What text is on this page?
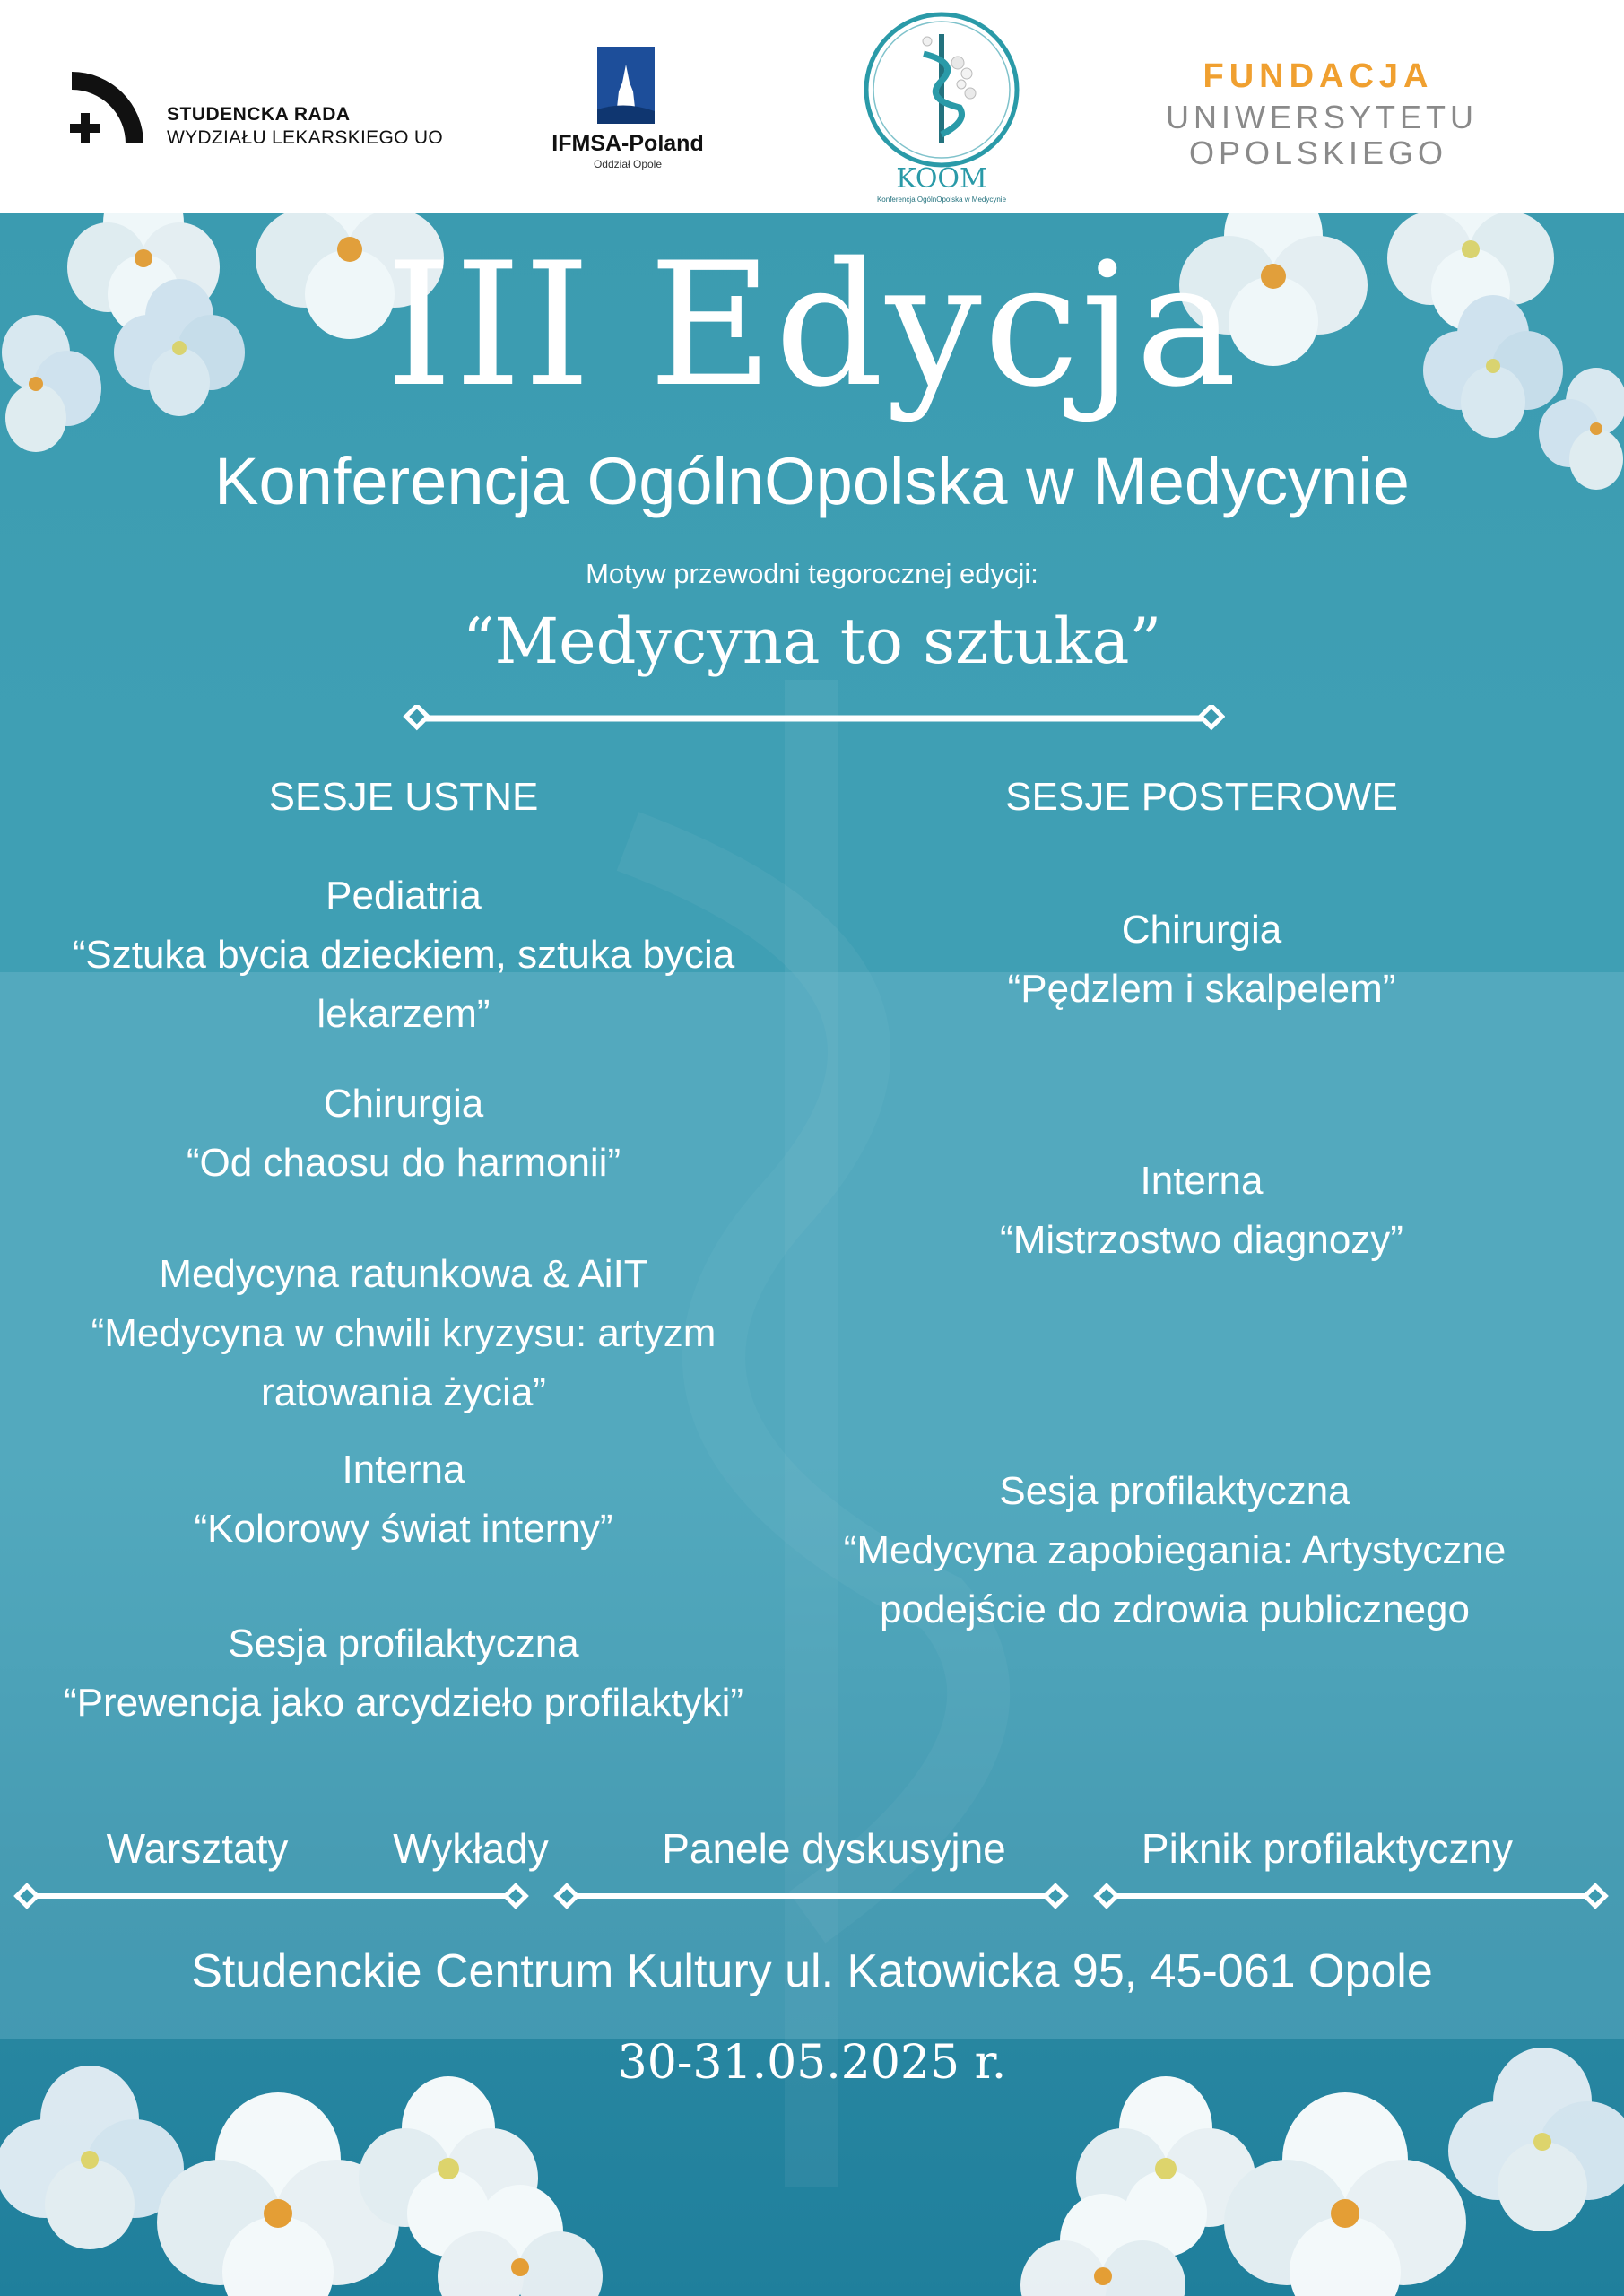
STUDENCKA RADA
WYDZIAŁU LEKARSKIEGO UO	IFMSA-Poland
Oddział Opole	KOOM
Konferencja OgólnOpolska w Medycynie
FUNDACJA
UNIWERSYTETU
OPOLSKIEGO
III Edycja
Konferencja OgólnOpolska w Medycynie
Motyw przewodni tegorocznej edycji:
“Medycyna to sztuka”
SESJE USTNE	SESJE POSTEROWE
Pediatria
“Sztuka bycia dzieckiem, sztuka bycia
lekarzem”
Chirurgia
“Od chaosu do harmonii”
Medycyna ratunkowa & AiIT
“Medycyna w chwili kryzysu: artyzm
ratowania życia”
Interna
“Kolorowy świat interny”
Sesja profilaktyczna
“Prewencja jako arcydzieło profilaktyki”
Chirurgia
“Pędzlem i skalpelem”
Interna
“Mistrzostwo diagnozy”
Sesja profilaktyczna
“Medycyna zapobiegania: Artystyczne
podejście do zdrowia publicznego
Warsztaty	Wykłady	Panele dyskusyjne	Piknik profilaktyczny
Studenckie Centrum Kultury ul. Katowicka 95, 45-061 Opole
30-31.05.2025 r.
